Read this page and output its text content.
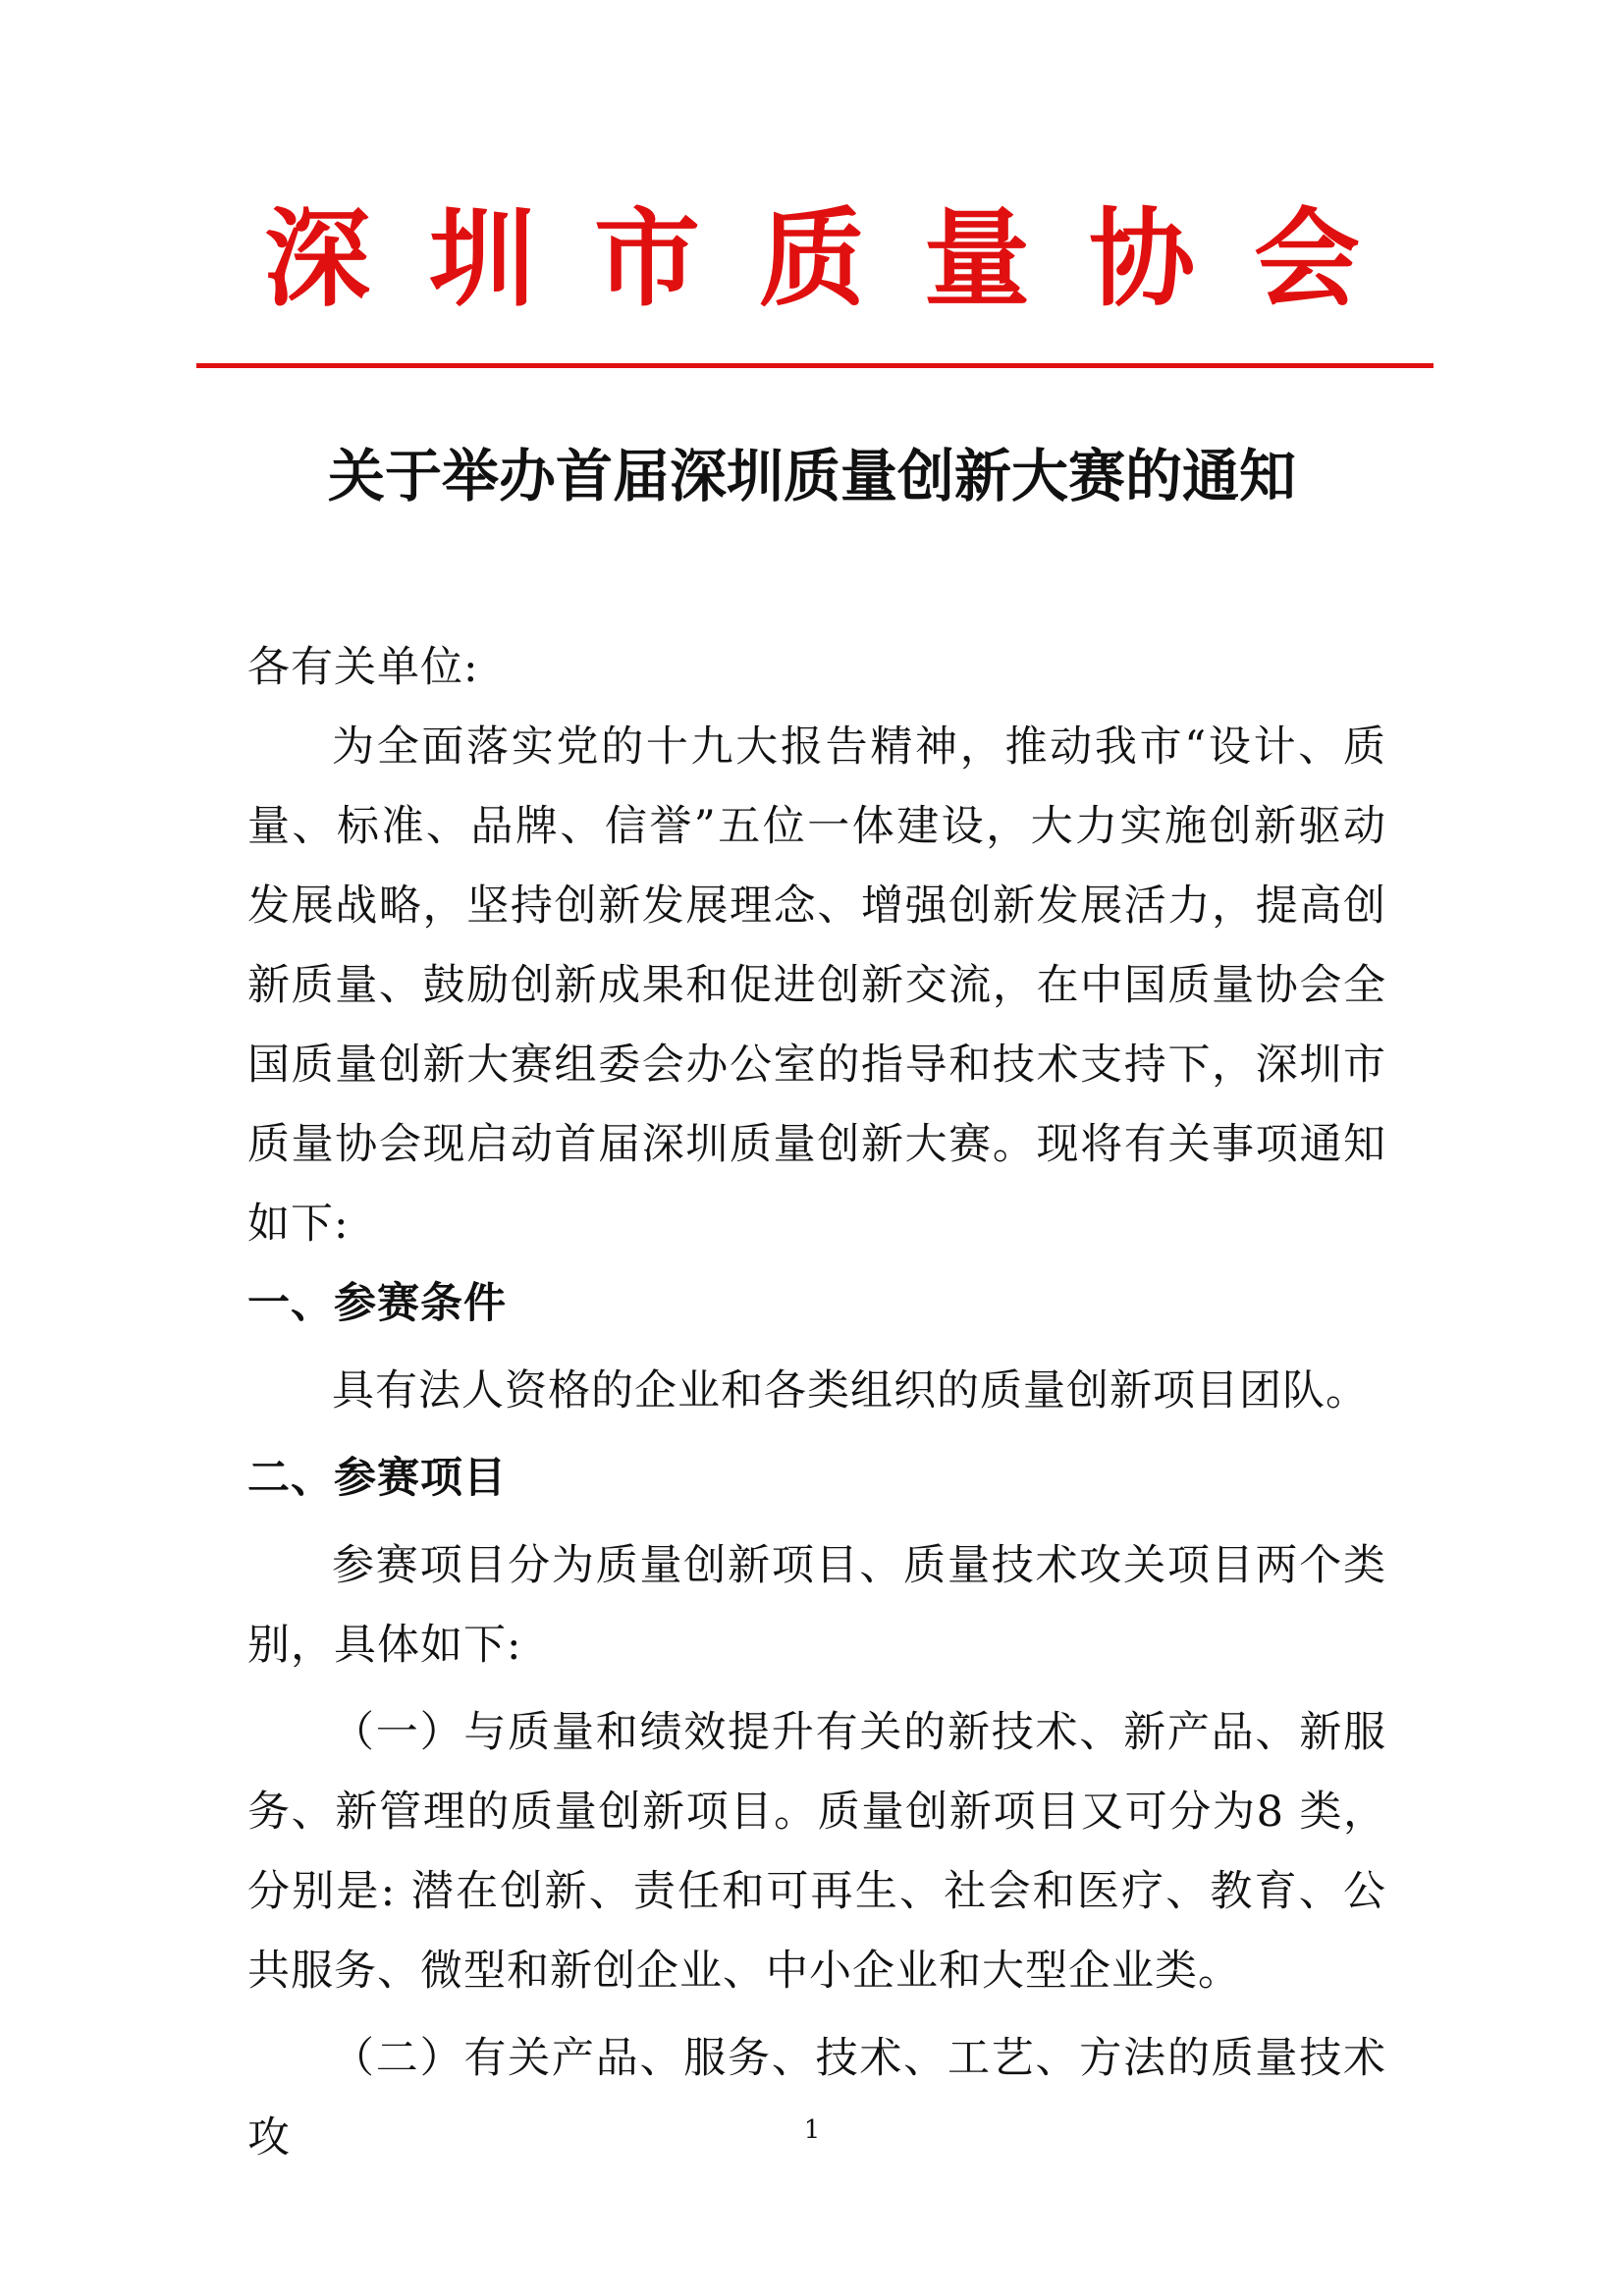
深圳市质量协会
关于举办首届深圳质量创新大赛的通知

各有关单位:

为全面落实党的十九大报告精神，推动我市“设计、质量、标准、品牌、信誉”五位一体建设，大力实施创新驱动发展战略，坚持创新发展理念、增强创新发展活力，提高创新质量、鼓励创新成果和促进创新交流，在中国质量协会全国质量创新大赛组委会办公室的指导和技术支持下，深圳市质量协会现启动首届深圳质量创新大赛。现将有关事项通知如下:

一、参赛条件

具有法人资格的企业和各类组织的质量创新项目团队。

二、参赛项目

参赛项目分为质量创新项目、质量技术攻关项目两个类别，具体如下:

（一）与质量和绩效提升有关的新技术、新产品、新服务、新管理的质量创新项目。质量创新项目又可分为8 类，分别是: 潜在创新、责任和可再生、社会和医疗、教育、公共服务、微型和新创企业、中小企业和大型企业类。

（二）有关产品、服务、技术、工艺、方法的质量技术攻	1
